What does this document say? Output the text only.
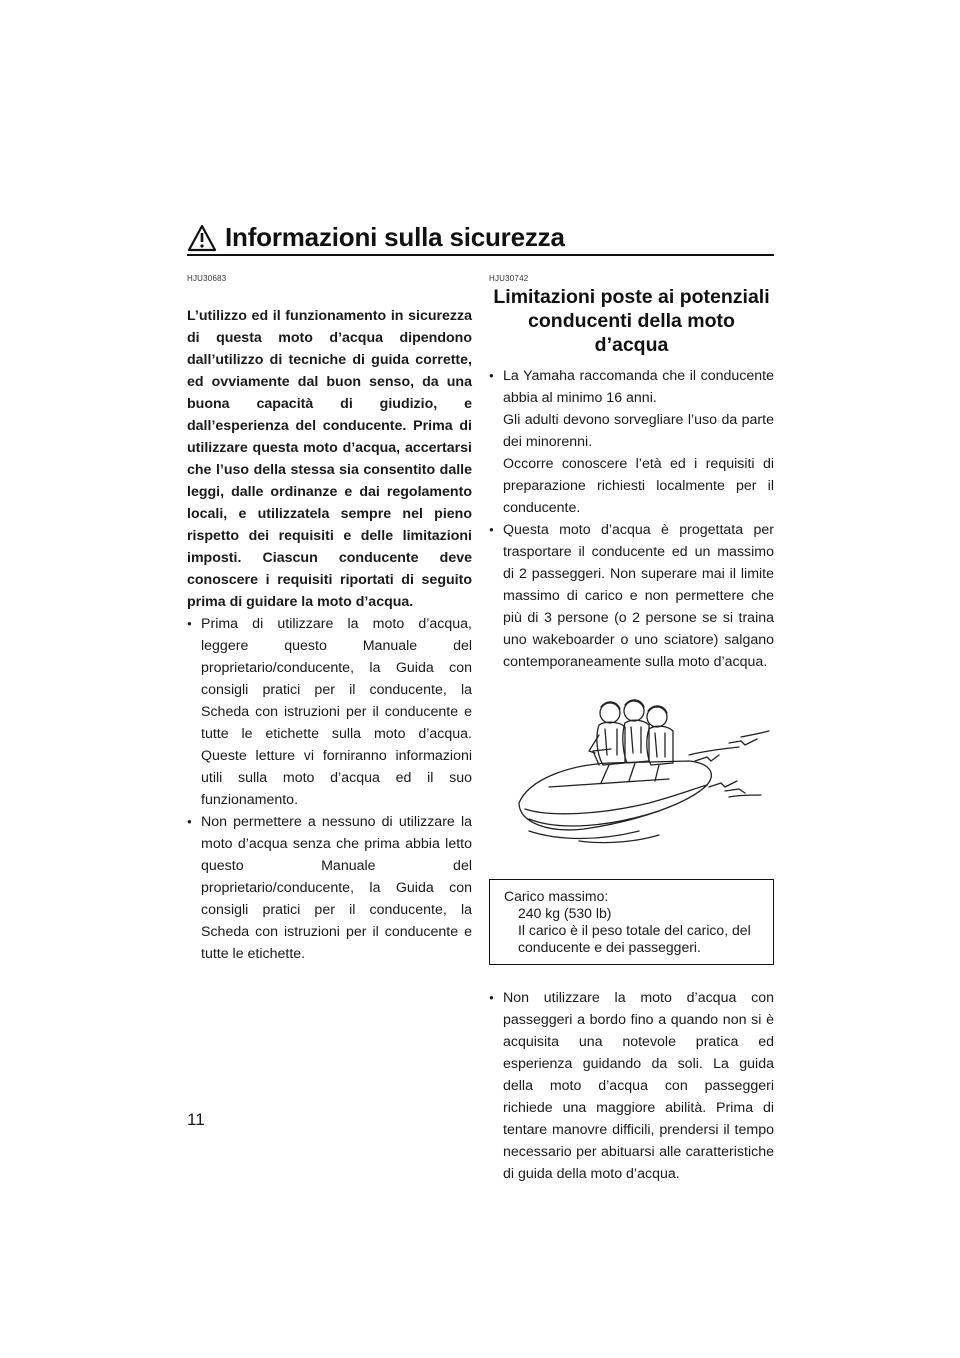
Informazioni sulla sicurezza
HJU30683
L’utilizzo ed il funzionamento in sicurezza di questa moto d’acqua dipendono dall’utilizzo di tecniche di guida corrette, ed ovviamente dal buon senso, da una buona capacità di giudizio, e dall’esperienza del conducente. Prima di utilizzare questa moto d’acqua, accertarsi che l’uso della stessa sia consentito dalle leggi, dalle ordinanze e dai regolamento locali, e utilizzatela sempre nel pieno rispetto dei requisiti e delle limitazioni imposti. Ciascun conducente deve conoscere i requisiti riportati di seguito prima di guidare la moto d’acqua.
● Prima di utilizzare la moto d’acqua, leggere questo Manuale del proprietario/conducente, la Guida con consigli pratici per il conducente, la Scheda con istruzioni per il conducente e tutte le etichette sulla moto d’acqua. Queste letture vi forniranno informazioni utili sulla moto d’acqua ed il suo funzionamento.
● Non permettere a nessuno di utilizzare la moto d’acqua senza che prima abbia letto questo Manuale del proprietario/conducente, la Guida con consigli pratici per il conducente, la Scheda con istruzioni per il conducente e tutte le etichette.
HJU30742
Limitazioni poste ai potenziali conducenti della moto d’acqua
● La Yamaha raccomanda che il conducente abbia al minimo 16 anni.
Gli adulti devono sorvegliare l’uso da parte dei minorenni.
Occorre conoscere l’età ed i requisiti di preparazione richiesti localmente per il conducente.
● Questa moto d’acqua è progettata per trasportare il conducente ed un massimo di 2 passeggeri. Non superare mai il limite massimo di carico e non permettere che più di 3 persone (o 2 persone se si traina uno wakeboarder o uno sciatore) salgano contemporaneamente sulla moto d’acqua.
Carico massimo:
240 kg (530 lb)
Il carico è il peso totale del carico, del conducente e dei passeggeri.
● Non utilizzare la moto d’acqua con passeggeri a bordo fino a quando non si è acquisita una notevole pratica ed esperienza guidando da soli. La guida della moto d’acqua con passeggeri richiede una maggiore abilità. Prima di tentare manovre difficili, prendersi il tempo necessario per abituarsi alle caratteristiche di guida della moto d’acqua.
11
